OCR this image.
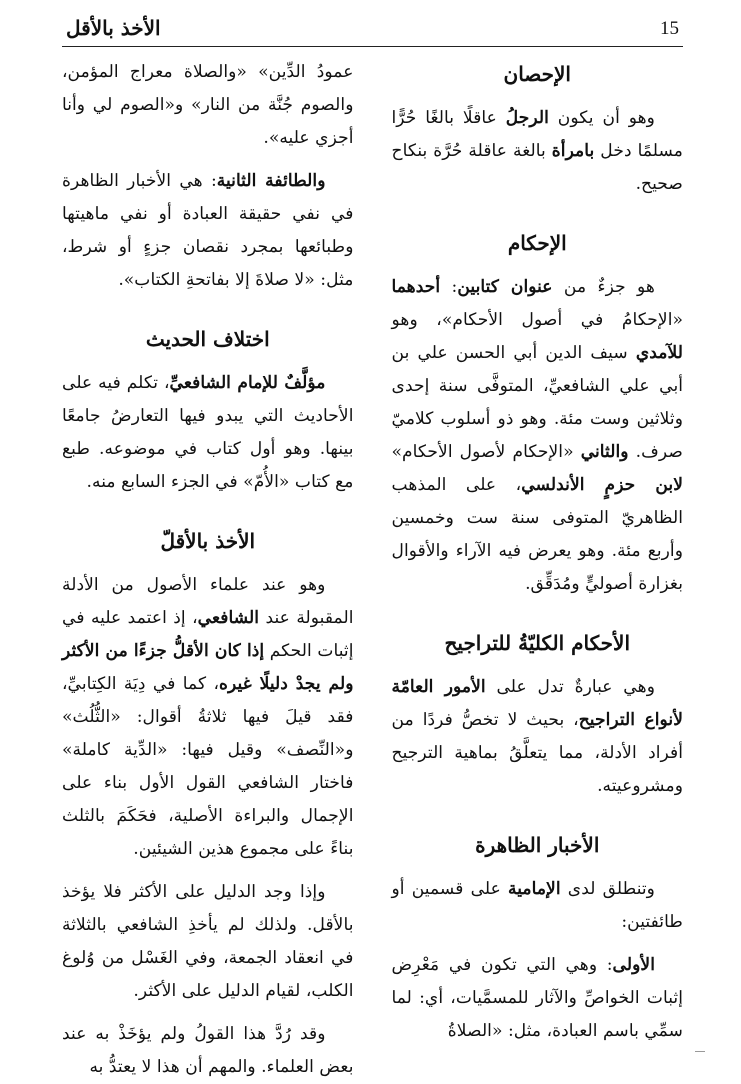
الأخذ بالأقل	15
الإحصان

وهو أن يكون الرجلُ عاقلًا بالغًا حُرًّا مسلمًا دخل بامرأة بالغة عاقلة حُرَّة بنكاح صحيح.

الإحكام

هو جزءٌ من عنوان كتابين: أحدهما «الإحكامُ في أصول الأحكام»، وهو للآمدي سيف الدين أبي الحسن علي بن أبي علي الشافعيِّ، المتوفَّى سنة إحدى وثلاثين وست مئة. وهو ذو أسلوب كلاميّ صرف. والثاني «الإحكام لأصول الأحكام» لابن حزمٍ الأندلسي، على المذهب الظاهريّ المتوفى سنة ست وخمسين وأربع مئة. وهو يعرض فيه الآراء والأقوال بغزارة أصوليٍّ ومُدَقِّق.

الأحكام الكليّةُ للتراجيح

وهي عبارةٌ تدل على الأمور العامّة لأنواع التراجيح، بحيث لا تخصُّ فردًا من أفراد الأدلة، مما يتعلَّقُ بماهية الترجيح ومشروعيته.

الأخبار الظاهرة

وتنطلق لدى الإمامية على قسمين أو طائفتين:

الأولى: وهي التي تكون في مَعْرِض إثبات الخواصِّ والآثار للمسمَّيات، أي: لما سمِّي باسم العبادة، مثل: «الصلاةُ

عمودُ الدِّين» «والصلاة معراج المؤمن، والصوم جُنَّة من النار» و«الصوم لي وأنا أجزي عليه».

والطائفة الثانية: هي الأخبار الظاهرة في نفي حقيقة العبادة أو نفي ماهيتها وطبائعها بمجرد نقصان جزءٍ أو شرط، مثل: «لا صلاةَ إلا بفاتحةِ الكتاب».

اختلاف الحديث

مؤلَّفٌ للإمام الشافعيِّ، تكلم فيه على الأحاديث التي يبدو فيها التعارضُ جامعًا بينها. وهو أول كتاب في موضوعه. طبع مع كتاب «الأُمّ» في الجزء السابع منه.

الأخذ بالأقلّ

وهو عند علماء الأصول من الأدلة المقبولة عند الشافعي، إذ اعتمد عليه في إثبات الحكم إذا كان الأقلُّ جزءًا من الأكثر ولم يجدْ دليلًا غيره، كما في دِيَة الكِتابيِّ، فقد قيلَ فيها ثلاثةُ أقوال: «الثُّلُث» و«النِّصف» وقيل فيها: «الدِّية كاملة» فاختار الشافعي القول الأول بناء على الإجمال والبراءة الأصلية، فحَكَمَ بالثلث بناءً على مجموع هذين الشيئين.

وإذا وجد الدليل على الأكثر فلا يؤخذ بالأقل. ولذلك لم يأخذِ الشافعي بالثلاثة في انعقاد الجمعة، وفي الغَسْل من وُلوغ الكلب، لقيام الدليل على الأكثر.

وقد رُدَّ هذا القولُ ولم يؤخَذْ به عند بعض العلماء. والمهم أن هذا لا يعتدُّ به
